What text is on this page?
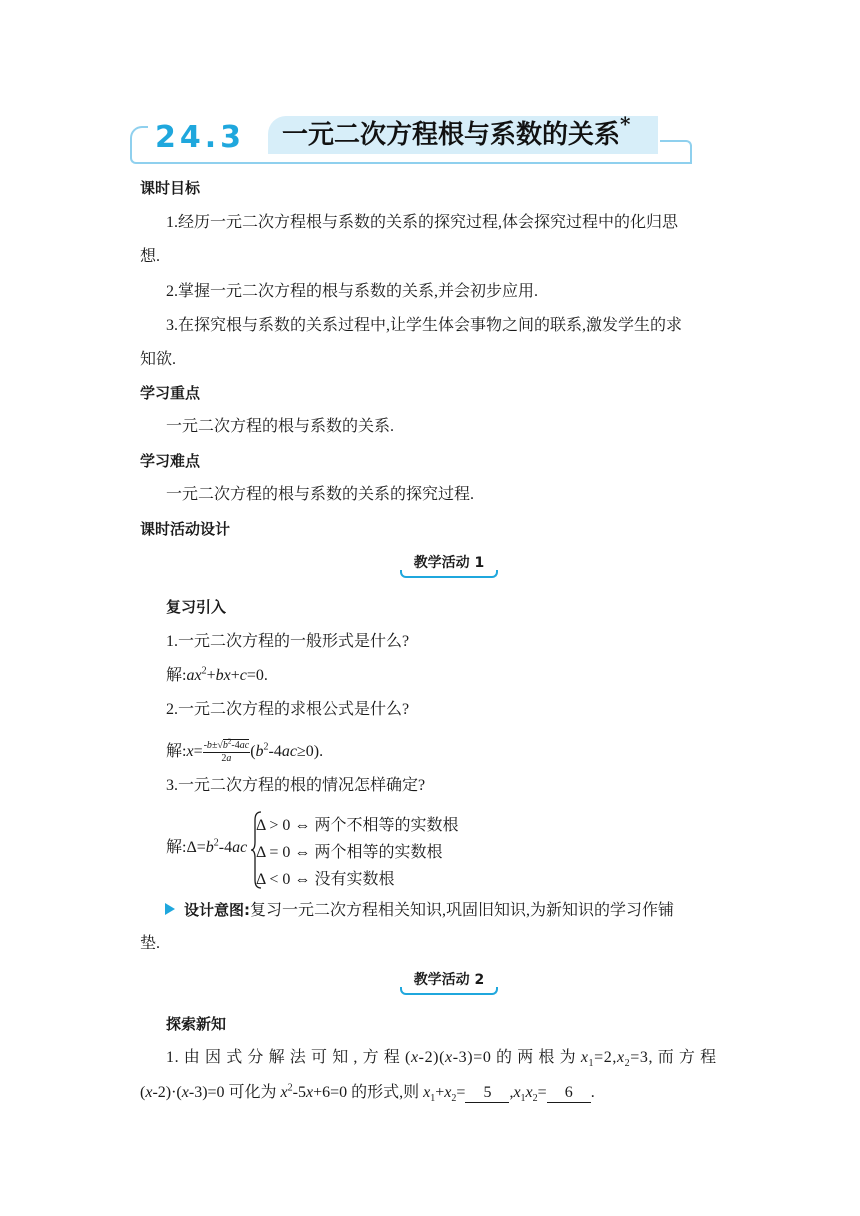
24.3 一元二次方程根与系数的关系*
课时目标
1.经历一元二次方程根与系数的关系的探究过程,体会探究过程中的化归思
想.
2.掌握一元二次方程的根与系数的关系,并会初步应用.
3.在探究根与系数的关系过程中,让学生体会事物之间的联系,激发学生的求
知欲.
学习重点
一元二次方程的根与系数的关系.
学习难点
一元二次方程的根与系数的关系的探究过程.
课时活动设计
教学活动 1
复习引入
1.一元二次方程的一般形式是什么?
解$:ax^2+bx+c=0$.
2.一元二次方程的求根公式是什么?
解:x= $\frac{-b\pm√b^2-4ac}{2a} (b^2-4ac\ge 0)$.
3.一元二次方程的根的情况怎样确定?
解$:\Delta=b^2-4ac$
Δ > 0 ⇔ 两个不相等的实数根
Δ = 0 ⇔ 两个相等的实数根
Δ < 0 ⇔ 没有实数根
设计意图:复习一元二次方程相关知识,巩固旧知识,为新知识的学习作铺
垫.
教学活动 2
探索新知
1. 由 因 式 分 解 法 可 知 , 方 程 (x-2)(x-3)=0 的 两 根 为 $x_1=2,x_2=3$, 而 方 程
(x-2)·(x-3)=0 可化为 $x^2-5x+6=0$ 的形式,则 $x_1+x_2= 5$ $,x_1x_2= 6$ .
